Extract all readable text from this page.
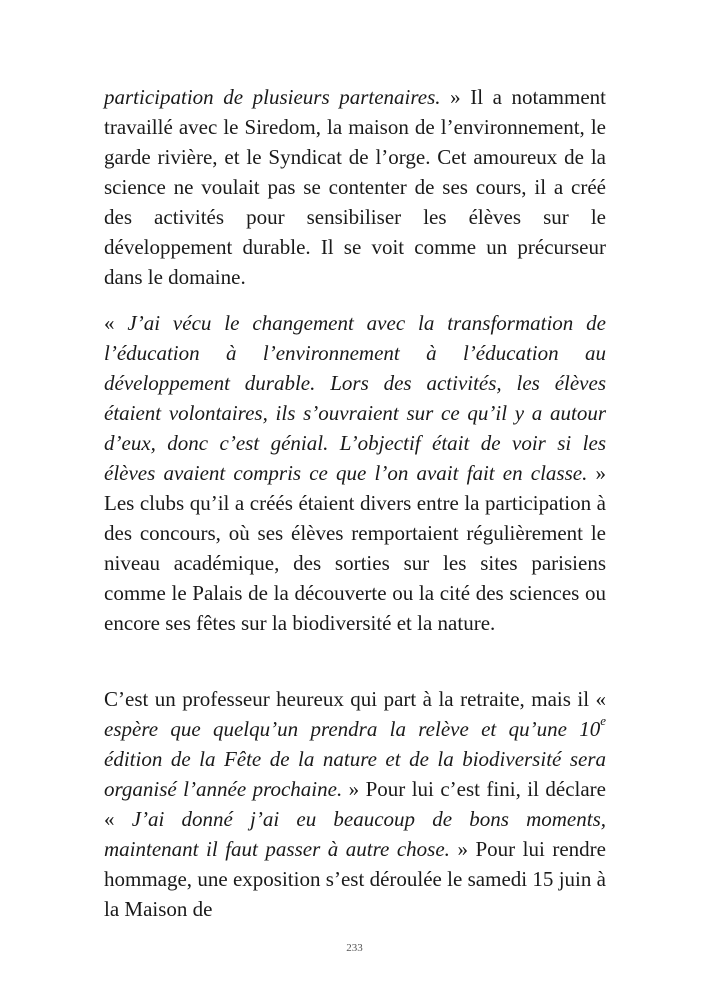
participation de plusieurs partenaires. » Il a notamment travaillé avec le Siredom, la maison de l’environnement, le garde rivière, et le Syndicat de l’orge. Cet amoureux de la science ne voulait pas se contenter de ses cours, il a créé des activités pour sensibiliser les élèves sur le développement durable. Il se voit comme un précurseur dans le domaine.

« J’ai vécu le changement avec la transformation de l’éducation à l’environnement à l’éducation au développement durable. Lors des activités, les élèves étaient volontaires, ils s’ouvraient sur ce qu’il y a autour d’eux, donc c’est génial. L’objectif était de voir si les élèves avaient compris ce que l’on avait fait en classe. » Les clubs qu’il a créés étaient divers entre la participation à des concours, où ses élèves remportaient régulièrement le niveau académique, des sorties sur les sites parisiens comme le Palais de la découverte ou la cité des sciences ou encore ses fêtes sur la biodiversité et la nature.

C’est un professeur heureux qui part à la retraite, mais il « espère que quelqu’un prendra la relève et qu’une 10e édition de la Fête de la nature et de la biodiversité sera organisé l’année prochaine. » Pour lui c’est fini, il déclare « J’ai donné j’ai eu beaucoup de bons moments, maintenant il faut passer à autre chose. » Pour lui rendre hommage, une exposition s’est déroulée le samedi 15 juin à la Maison de

233
